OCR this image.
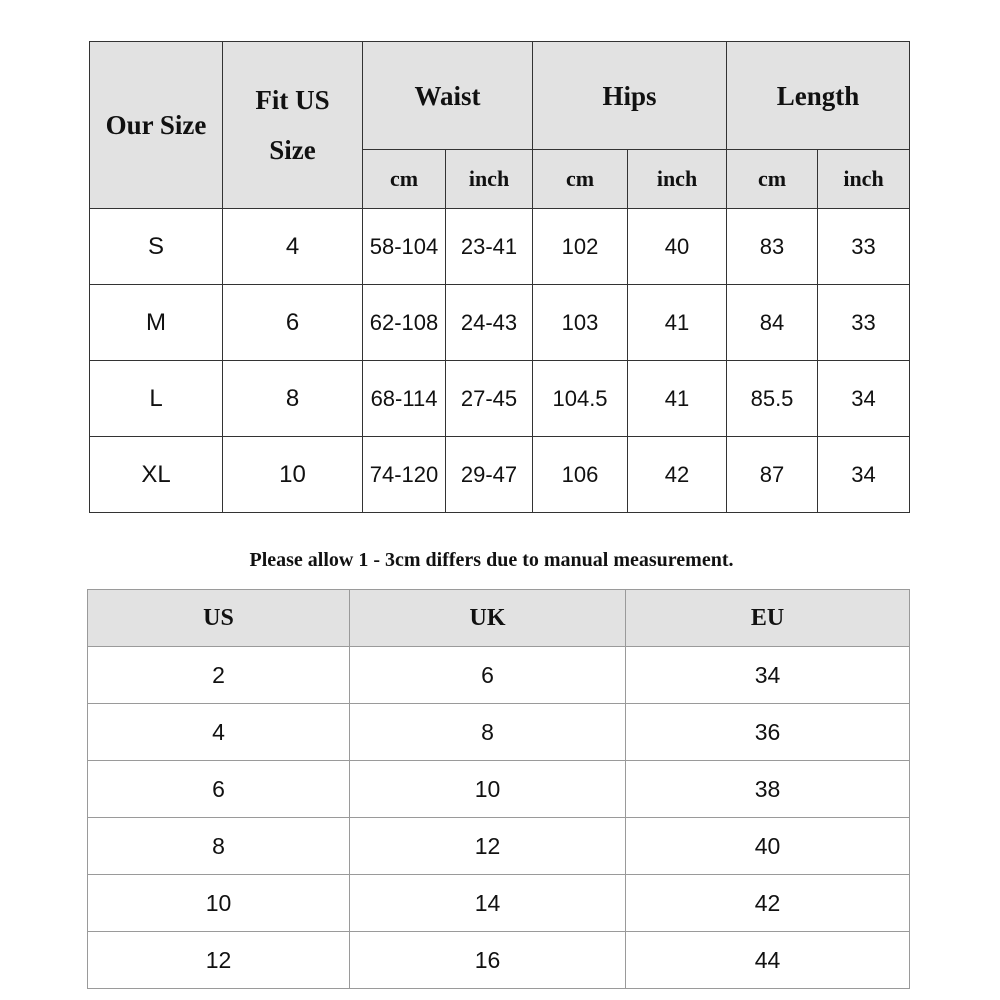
Our Size	Fit US Size	Waist		Hips		Length	
		cm	inch	cm	inch	cm	inch
S	4	58-104	23-41	102	40	83	33
M	6	62-108	24-43	103	41	84	33
L	8	68-114	27-45	104.5	41	85.5	34
XL	10	74-120	29-47	106	42	87	34
Please allow 1 - 3cm differs due to manual measurement.
US	UK	EU
2	6	34
4	8	36
6	10	38
8	12	40
10	14	42
12	16	44
